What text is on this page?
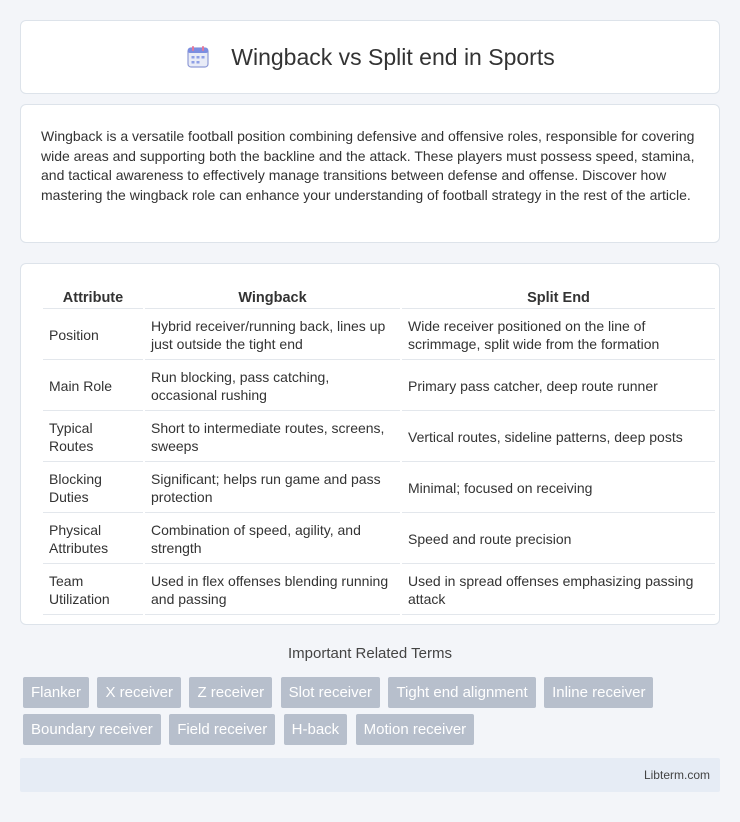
Wingback vs Split end in Sports

Wingback is a versatile football position combining defensive and offensive roles, responsible for covering wide areas and supporting both the backline and the attack. These players must possess speed, stamina, and tactical awareness to effectively manage transitions between defense and offense. Discover how mastering the wingback role can enhance your understanding of football strategy in the rest of the article.

Attribute	Wingback	Split End
Position	Hybrid receiver/running back, lines up just outside the tight end	Wide receiver positioned on the line of scrimmage, split wide from the formation
Main Role	Run blocking, pass catching, occasional rushing	Primary pass catcher, deep route runner
Typical Routes	Short to intermediate routes, screens, sweeps	Vertical routes, sideline patterns, deep posts
Blocking Duties	Significant; helps run game and pass protection	Minimal; focused on receiving
Physical Attributes	Combination of speed, agility, and strength	Speed and route precision
Team Utilization	Used in flex offenses blending running and passing	Used in spread offenses emphasizing passing attack
Important Related Terms
Flanker X receiver Z receiver Slot receiver Tight end alignment Inline receiver Boundary receiver Field receiver H-back Motion receiver
Libterm.com
